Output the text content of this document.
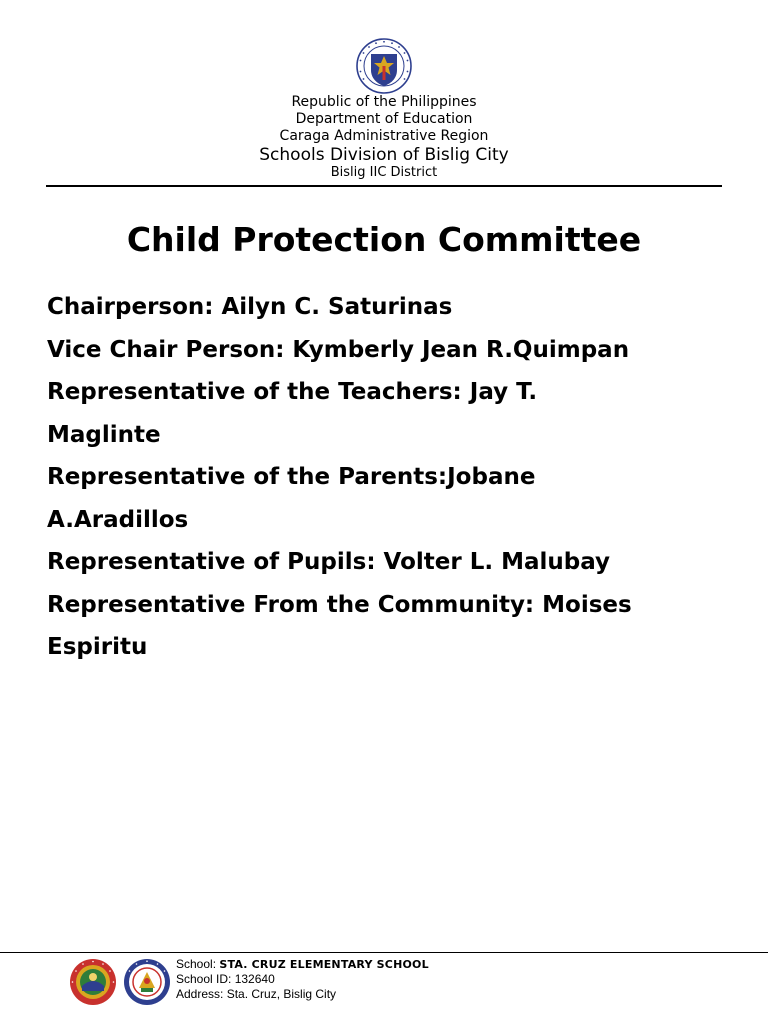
Republic of the Philippines
Department of Education
Caraga Administrative Region
Schools Division of Bislig City
Bislig IIC District
Child Protection Committee
Chairperson: Ailyn C. Saturinas
Vice Chair Person: Kymberly Jean R.Quimpan
Representative of the Teachers: Jay T.
Maglinte
Representative of the Parents:Jobane
A.Aradillos
Representative of Pupils: Volter L. Malubay
Representative From the Community: Moises
Espiritu
School: STA. CRUZ ELEMENTARY SCHOOL
School ID: 132640
Address: Sta. Cruz, Bislig City
